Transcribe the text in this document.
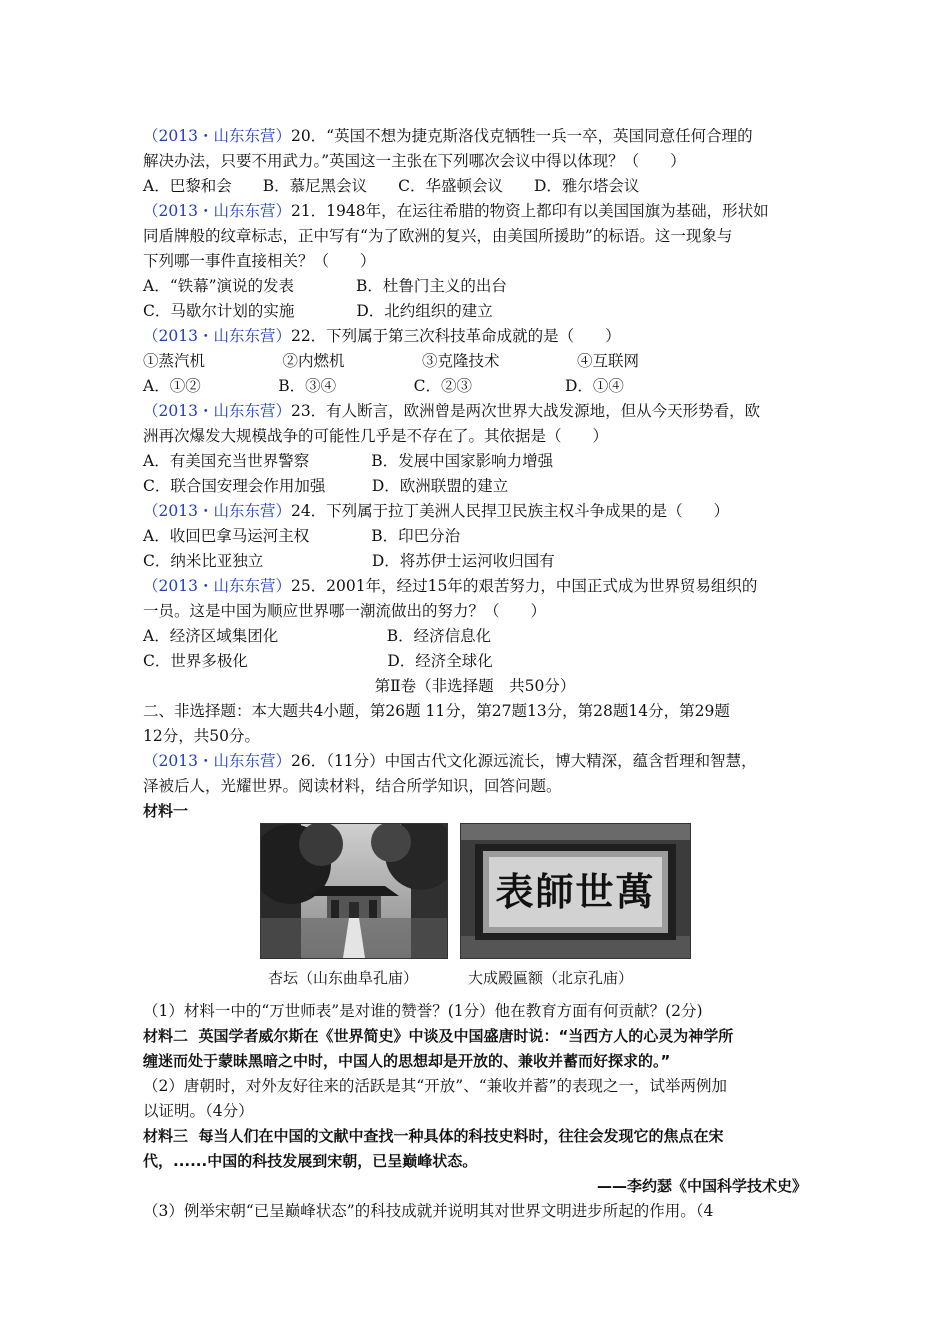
（2013・山东东营）20．“英国不想为捷克斯洛伐克牺牲一兵一卒，英国同意任何合理的
解决办法，只要不用武力。”英国这一主张在下列哪次会议中得以体现？（　　）
A．巴黎和会　　B．慕尼黑会议　　C．华盛顿会议　　D．雅尔塔会议
（2013・山东东营）21．1948年，在运往希腊的物资上都印有以美国国旗为基础，形状如
同盾牌般的纹章标志，正中写有“为了欧洲的复兴，由美国所援助”的标语。这一现象与
下列哪一事件直接相关？（　　）
A．“铁幕”演说的发表　　　　B．杜鲁门主义的出台
C．马歇尔计划的实施　　　　D．北约组织的建立
（2013・山东东营）22．下列属于第三次科技革命成就的是（　　）
①蒸汽机　　　　　②内燃机　　　　　③克隆技术　　　　　④互联网
A．①②　　　　　B．③④　　　　　C．②③　　　　　　D．①④
（2013・山东东营）23．有人断言，欧洲曾是两次世界大战发源地，但从今天形势看，欧
洲再次爆发大规模战争的可能性几乎是不存在了。其依据是（　　）
A．有美国充当世界警察　　　　B．发展中国家影响力增强
C．联合国安理会作用加强　　　D．欧洲联盟的建立
（2013・山东东营）24．下列属于拉丁美洲人民捍卫民族主权斗争成果的是（　　）
A．收回巴拿马运河主权　　　　B．印巴分治
C．纳米比亚独立　　　　　　　D．将苏伊士运河收归国有
（2013・山东东营）25．2001年，经过15年的艰苦努力，中国正式成为世界贸易组织的
一员。这是中国为顺应世界哪一潮流做出的努力？（　　）
A．经济区域集团化　　　　　　　B．经济信息化
C．世界多极化　　　　　　　　　D．经济全球化
第Ⅱ卷（非选择题　共50分）
二、非选择题：本大题共4小题，第26题 11分，第27题13分，第28题14分，第29题
12分，共50分。
（2013・山东东营）26．（11分）中国古代文化源远流长，博大精深，蕴含哲理和智慧，
泽被后人，光耀世界。阅读材料，结合所学知识，回答问题。
材料一
萬世師表
杏坛（山东曲阜孔庙）	大成殿匾额（北京孔庙）
（1）材料一中的“万世师表”是对谁的赞誉？(1分）他在教育方面有何贡献？(2分)
材料二  英国学者威尔斯在《世界简史》中谈及中国盛唐时说：“当西方人的心灵为神学所
缠迷而处于蒙昧黑暗之中时，中国人的思想却是开放的、兼收并蓄而好探求的。”
（2）唐朝时，对外友好往来的活跃是其“开放”、“兼收并蓄”的表现之一，试举两例加
以证明。（4分）
材料三  每当人们在中国的文献中查找一种具体的科技史料时，往往会发现它的焦点在宋
代，......中国的科技发展到宋朝，已呈巅峰状态。
——李约瑟《中国科学技术史》
（3）例举宋朝“已呈巅峰状态”的科技成就并说明其对世界文明进步所起的作用。（4
